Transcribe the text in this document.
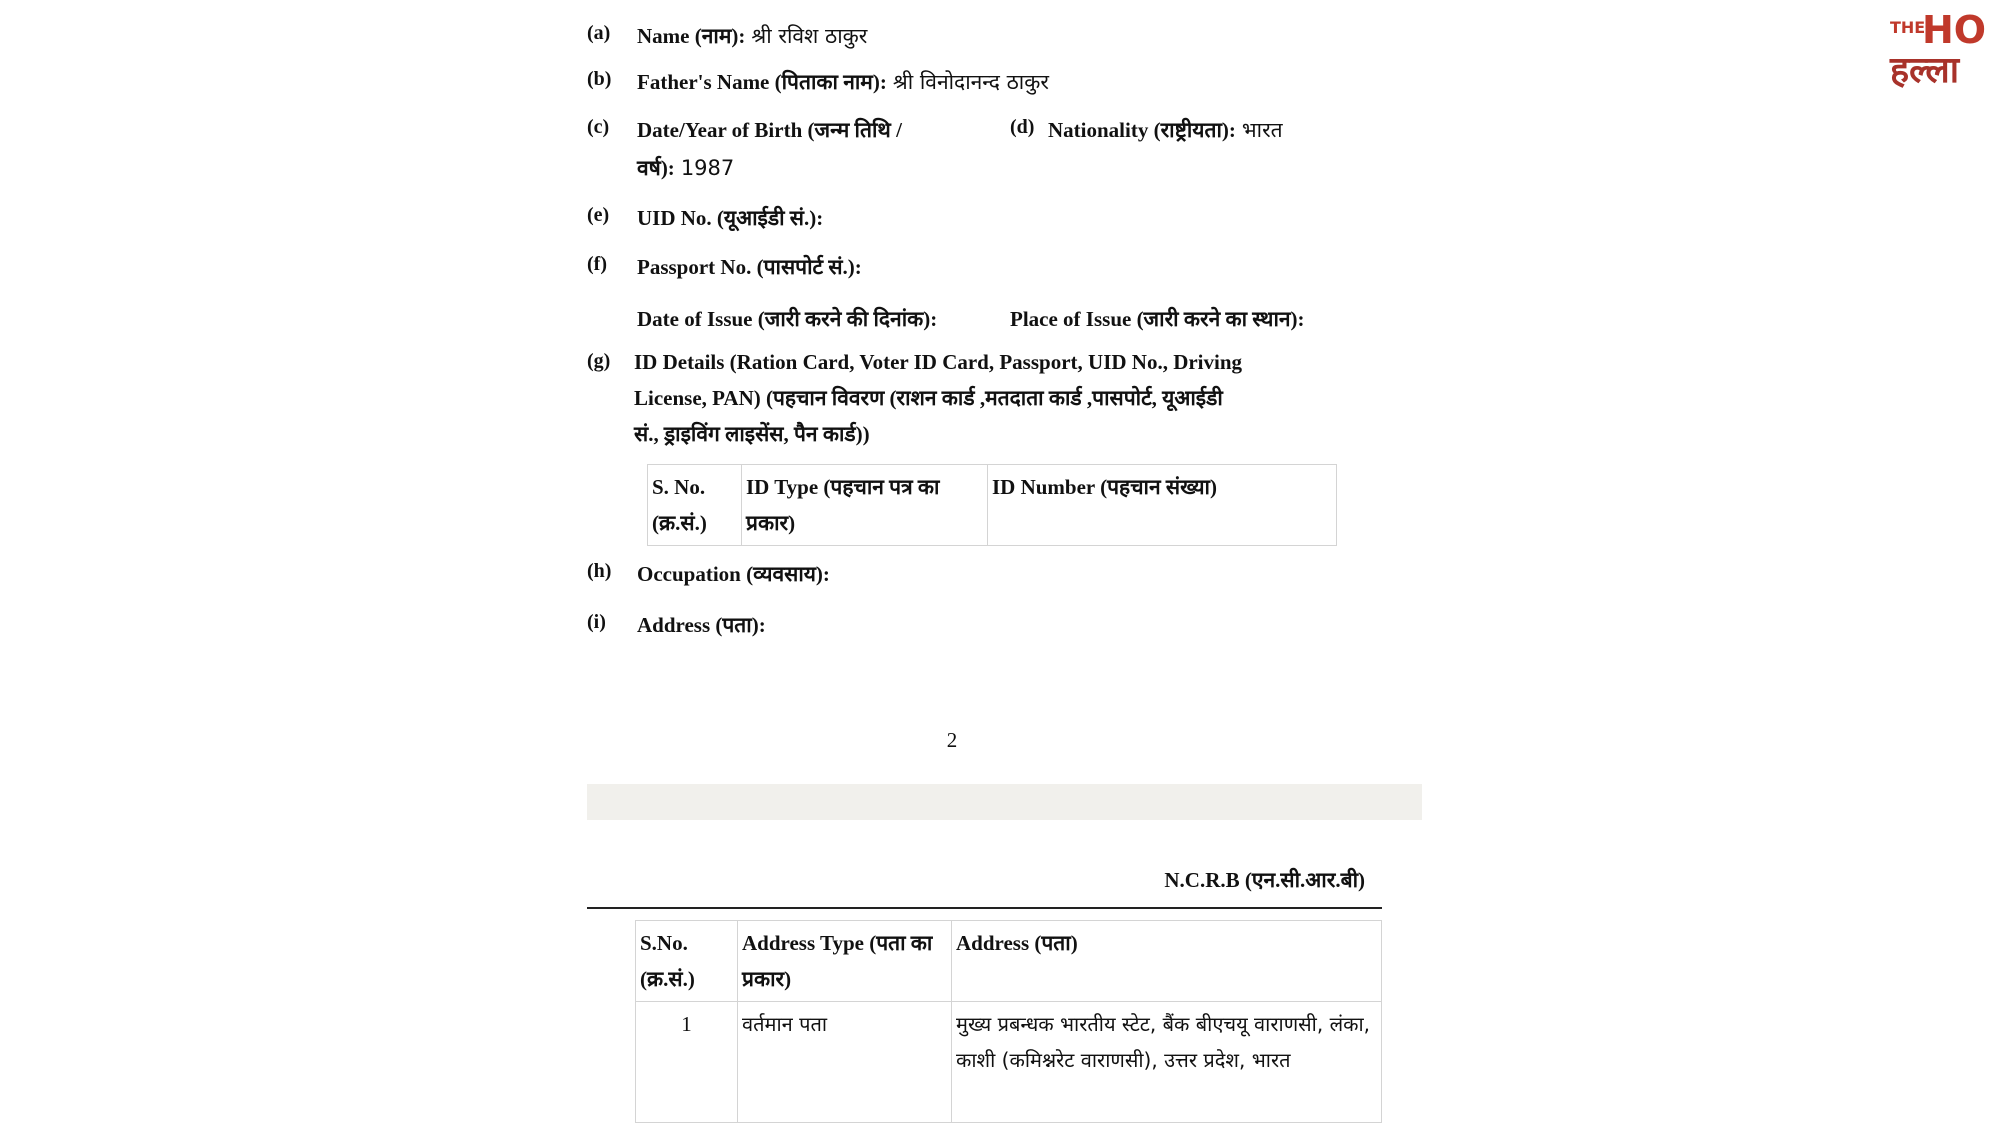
(a) Name (नाम): श्री रविश ठाकुर
(b) Father's Name (पिताका नाम): श्री विनोदानन्द ठाकुर
(c) Date/Year of Birth (जन्म तिथि /
वर्ष): 1987
(d) Nationality (राष्ट्रीयता): भारत
(e) UID No. (यूआईडी सं.):
(f) Passport No. (पासपोर्ट सं.):
Date of Issue (जारी करने की दिनांक):	Place of Issue (जारी करने का स्थान):
(g) ID Details (Ration Card, Voter ID Card, Passport, UID No., Driving
License, PAN) (पहचान विवरण (राशन कार्ड ,मतदाता कार्ड ,पासपोर्ट, यूआईडी
सं., ड्राइविंग लाइसेंस, पैन कार्ड))
S. No. (क्र.सं.)	ID Type (पहचान पत्र का प्रकार)	ID Number (पहचान संख्या)
(h) Occupation (व्यवसाय):
(i) Address (पता):
2
N.C.R.B (एन.सी.आर.बी)
S.No. (क्र.सं.)	Address Type (पता का प्रकार)	Address (पता)
1	वर्तमान पता	मुख्य प्रबन्धक भारतीय स्टेट, बैंक बीएचयू वाराणसी, लंका, काशी (कमिश्नरेट वाराणसी), उत्तर प्रदेश, भारत
THE
HO
हल्ला
